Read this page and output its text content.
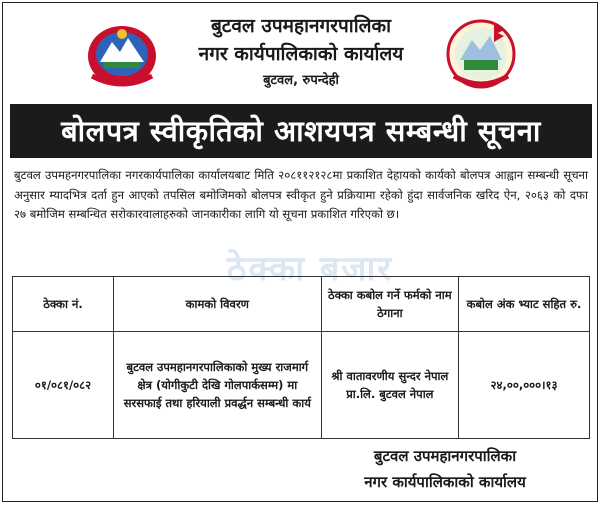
बुटवल उपमहानगरपालिका
नगर कार्यपालिकाको कार्यालय
बुटवल, रुपन्देही
बोलपत्र स्वीकृतिको आशयपत्र सम्बन्धी सूचना
बुटवल उपमहनगरपालिका नगरकार्यपालिका कार्यालयबाट मिति २०८११२१२८मा प्रकाशित देहायको कार्यको बोलपत्र आह्वान सम्बन्धी सूचना अनुसार म्यादभित्र दर्ता हुन आएको तपसिल बमोजिमको बोलपत्र स्वीकृत हुने प्रक्रियामा रहेको हुंदा सार्वजनिक खरिद ऐन, २०६३ को दफा २७ बमोजिम सम्बन्धित सरोकारवालाहरुको जानकारीका लागि यो सूचना प्रकाशित गरिएको छ।
ठेक्का बजार
ठेक्का नं.	कामको विवरण	ठेक्का कबोल गर्ने फर्मको नाम ठेगाना	कबोल अंक भ्याट सहित रु.
०१/०८१/०८२	बुटवल उपमहानगरपालिकाको मुख्य राजमार्ग क्षेत्र (योगीकुटी देखि गोलपार्कसम्म) मा सरसफाई तथा हरियाली प्रवर्द्धन सम्बन्धी कार्य	श्री वातावरणीय सुन्दर नेपाल प्रा.लि. बुटवल नेपाल	२४,००,०००।१३
बुटवल उपमहानगरपालिका
नगर कार्यपालिकाको कार्यालय
